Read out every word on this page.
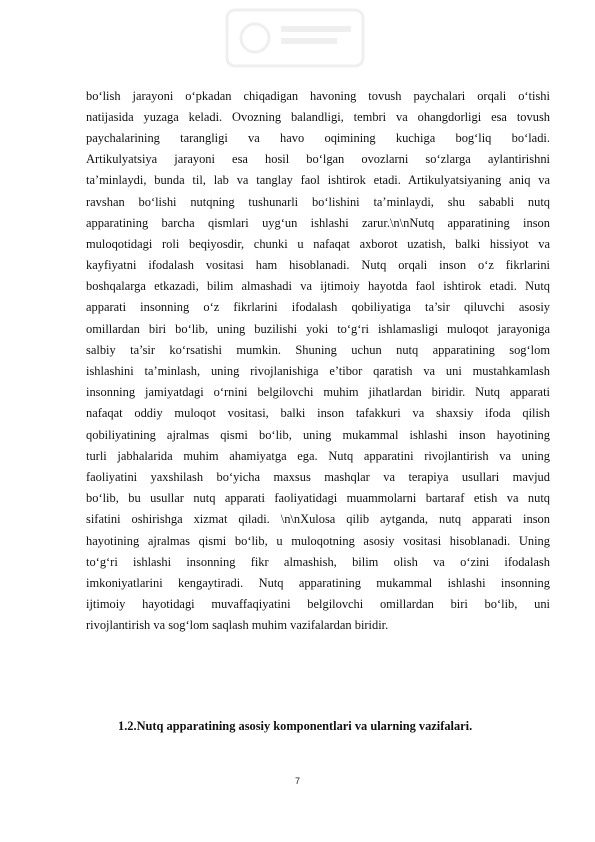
bo‘lish jarayoni o‘pkadan chiqadigan havoning tovush paychalari orqali o‘tishi
natijasida yuzaga keladi. Ovozning balandligi, tembri va ohangdorligi esa tovush
paychalarining tarangligi va havo oqimining kuchiga bog‘liq bo‘ladi.
Artikulyatsiya jarayoni esa hosil bo‘lgan ovozlarni so‘zlarga aylantirishni
ta’minlaydi, bunda til, lab va tanglay faol ishtirok etadi. Artikulyatsiyaning aniq va
ravshan bo‘lishi nutqning tushunarli bo‘lishini ta’minlaydi, shu sababli nutq
apparatining barcha qismlari uyg‘un ishlashi zarur.\n\nNutq apparatining inson
muloqotidagi roli beqiyosdir, chunki u nafaqat axborot uzatish, balki hissiyot va
kayfiyatni ifodalash vositasi ham hisoblanadi. Nutq orqali inson o‘z fikrlarini
boshqalarga etkazadi, bilim almashadi va ijtimoiy hayotda faol ishtirok etadi. Nutq
apparati insonning o‘z fikrlarini ifodalash qobiliyatiga ta’sir qiluvchi asosiy
omillardan biri bo‘lib, uning buzilishi yoki to‘g‘ri ishlamasligi muloqot jarayoniga
salbiy ta’sir ko‘rsatishi mumkin. Shuning uchun nutq apparatining sog‘lom
ishlashini ta’minlash, uning rivojlanishiga e’tibor qaratish va uni mustahkamlash
insonning jamiyatdagi o‘rnini belgilovchi muhim jihatlardan biridir. Nutq apparati
nafaqat oddiy muloqot vositasi, balki inson tafakkuri va shaxsiy ifoda qilish
qobiliyatining ajralmas qismi bo‘lib, uning mukammal ishlashi inson hayotining
turli jabhalarida muhim ahamiyatga ega. Nutq apparatini rivojlantirish va uning
faoliyatini yaxshilash bo‘yicha maxsus mashqlar va terapiya usullari mavjud
bo‘lib, bu usullar nutq apparati faoliyatidagi muammolarni bartaraf etish va nutq
sifatini oshirishga xizmat qiladi. \n\nXulosa qilib aytganda, nutq apparati inson
hayotining ajralmas qismi bo‘lib, u muloqotning asosiy vositasi hisoblanadi. Uning
to‘g‘ri ishlashi insonning fikr almashish, bilim olish va o‘zini ifodalash
imkoniyatlarini kengaytiradi. Nutq apparatining mukammal ishlashi insonning
ijtimoiy hayotidagi muvaffaqiyatini belgilovchi omillardan biri bo‘lib, uni
rivojlantirish va sog‘lom saqlash muhim vazifalardan biridir.
1.2.Nutq apparatining asosiy komponentlari va ularning vazifalari.
7
